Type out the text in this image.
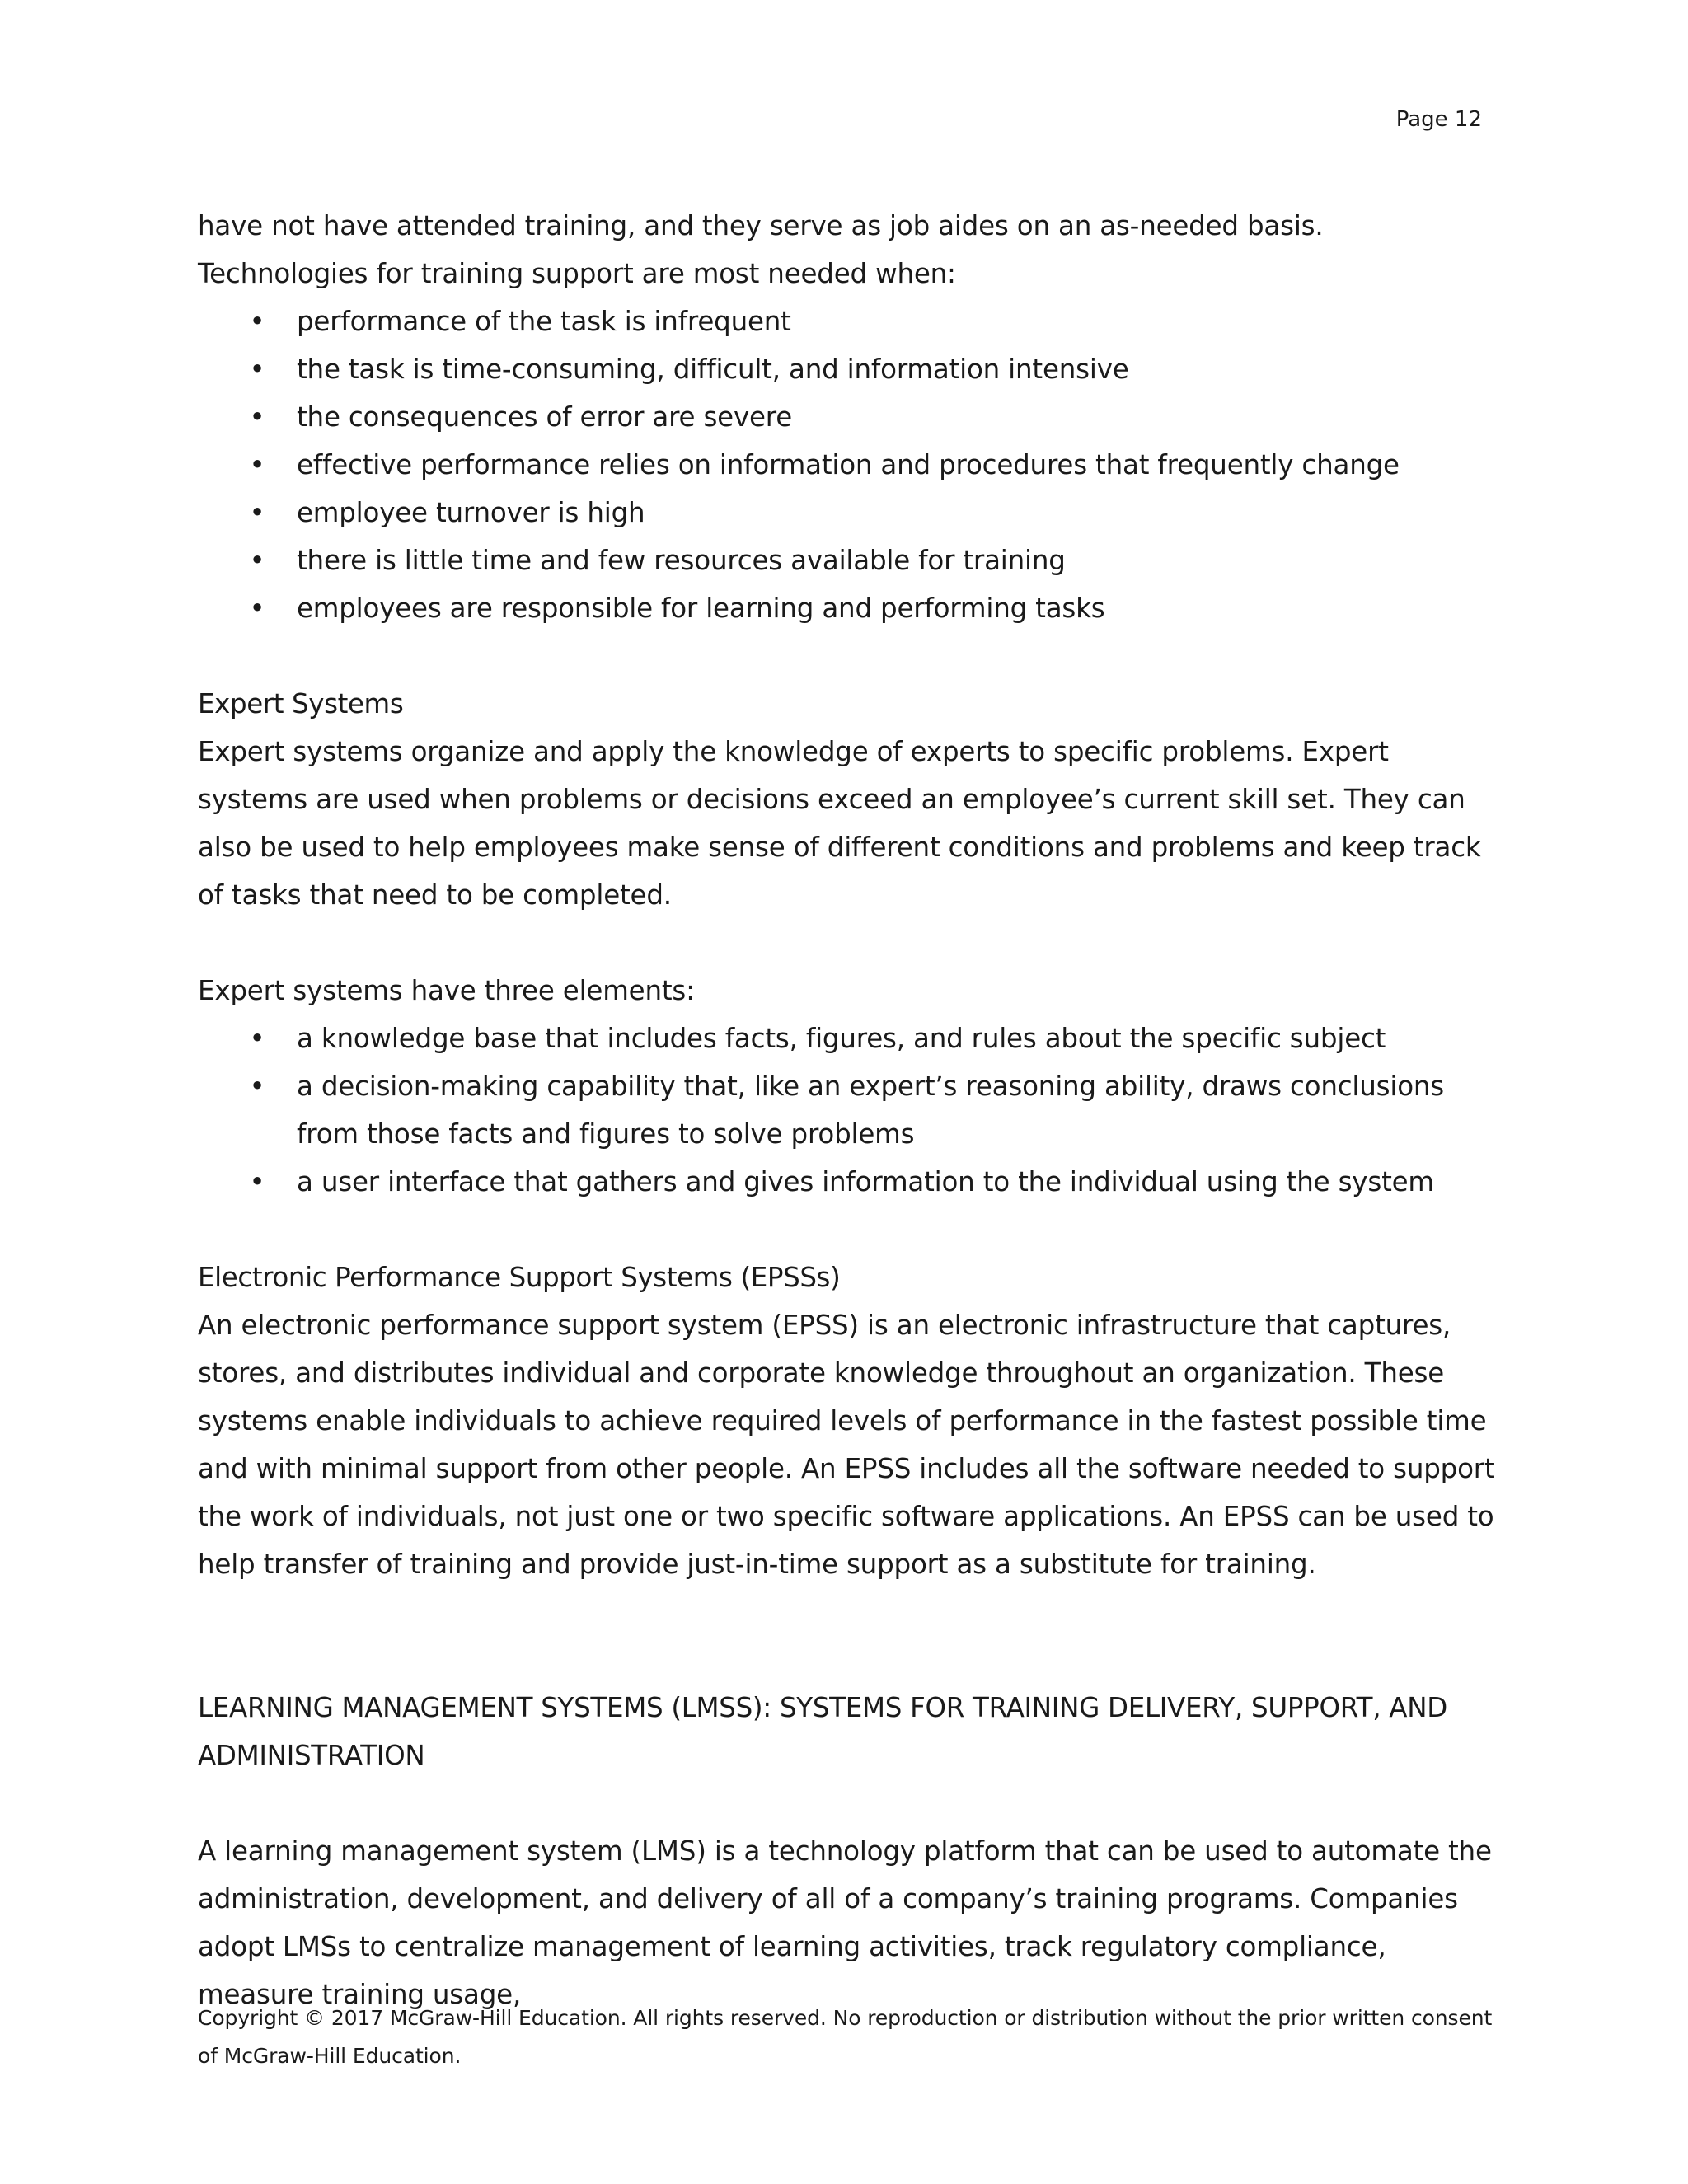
Page 12

have not have attended training, and they serve as job aides on an as-needed basis. Technologies for training support are most needed when:

• performance of the task is infrequent
• the task is time-consuming, difficult, and information intensive
• the consequences of error are severe
• effective performance relies on information and procedures that frequently change
• employee turnover is high
• there is little time and few resources available for training
• employees are responsible for learning and performing tasks

Expert Systems

Expert systems organize and apply the knowledge of experts to specific problems. Expert systems are used when problems or decisions exceed an employee’s current skill set. They can also be used to help employees make sense of different conditions and problems and keep track of tasks that need to be completed.

Expert systems have three elements:

• a knowledge base that includes facts, figures, and rules about the specific subject
• a decision-making capability that, like an expert’s reasoning ability, draws conclusions from those facts and figures to solve problems
• a user interface that gathers and gives information to the individual using the system

Electronic Performance Support Systems (EPSSs)

An electronic performance support system (EPSS) is an electronic infrastructure that captures, stores, and distributes individual and corporate knowledge throughout an organization. These systems enable individuals to achieve required levels of performance in the fastest possible time and with minimal support from other people. An EPSS includes all the software needed to support the work of individuals, not just one or two specific software applications. An EPSS can be used to help transfer of training and provide just-in-time support as a substitute for training.

LEARNING MANAGEMENT SYSTEMS (LMSS): SYSTEMS FOR TRAINING DELIVERY, SUPPORT, AND ADMINISTRATION

A learning management system (LMS) is a technology platform that can be used to automate the administration, development, and delivery of all of a company’s training programs. Companies adopt LMSs to centralize management of learning activities, track regulatory compliance, measure training usage,

Copyright © 2017 McGraw-Hill Education. All rights reserved. No reproduction or distribution without the prior written consent of McGraw-Hill Education.
